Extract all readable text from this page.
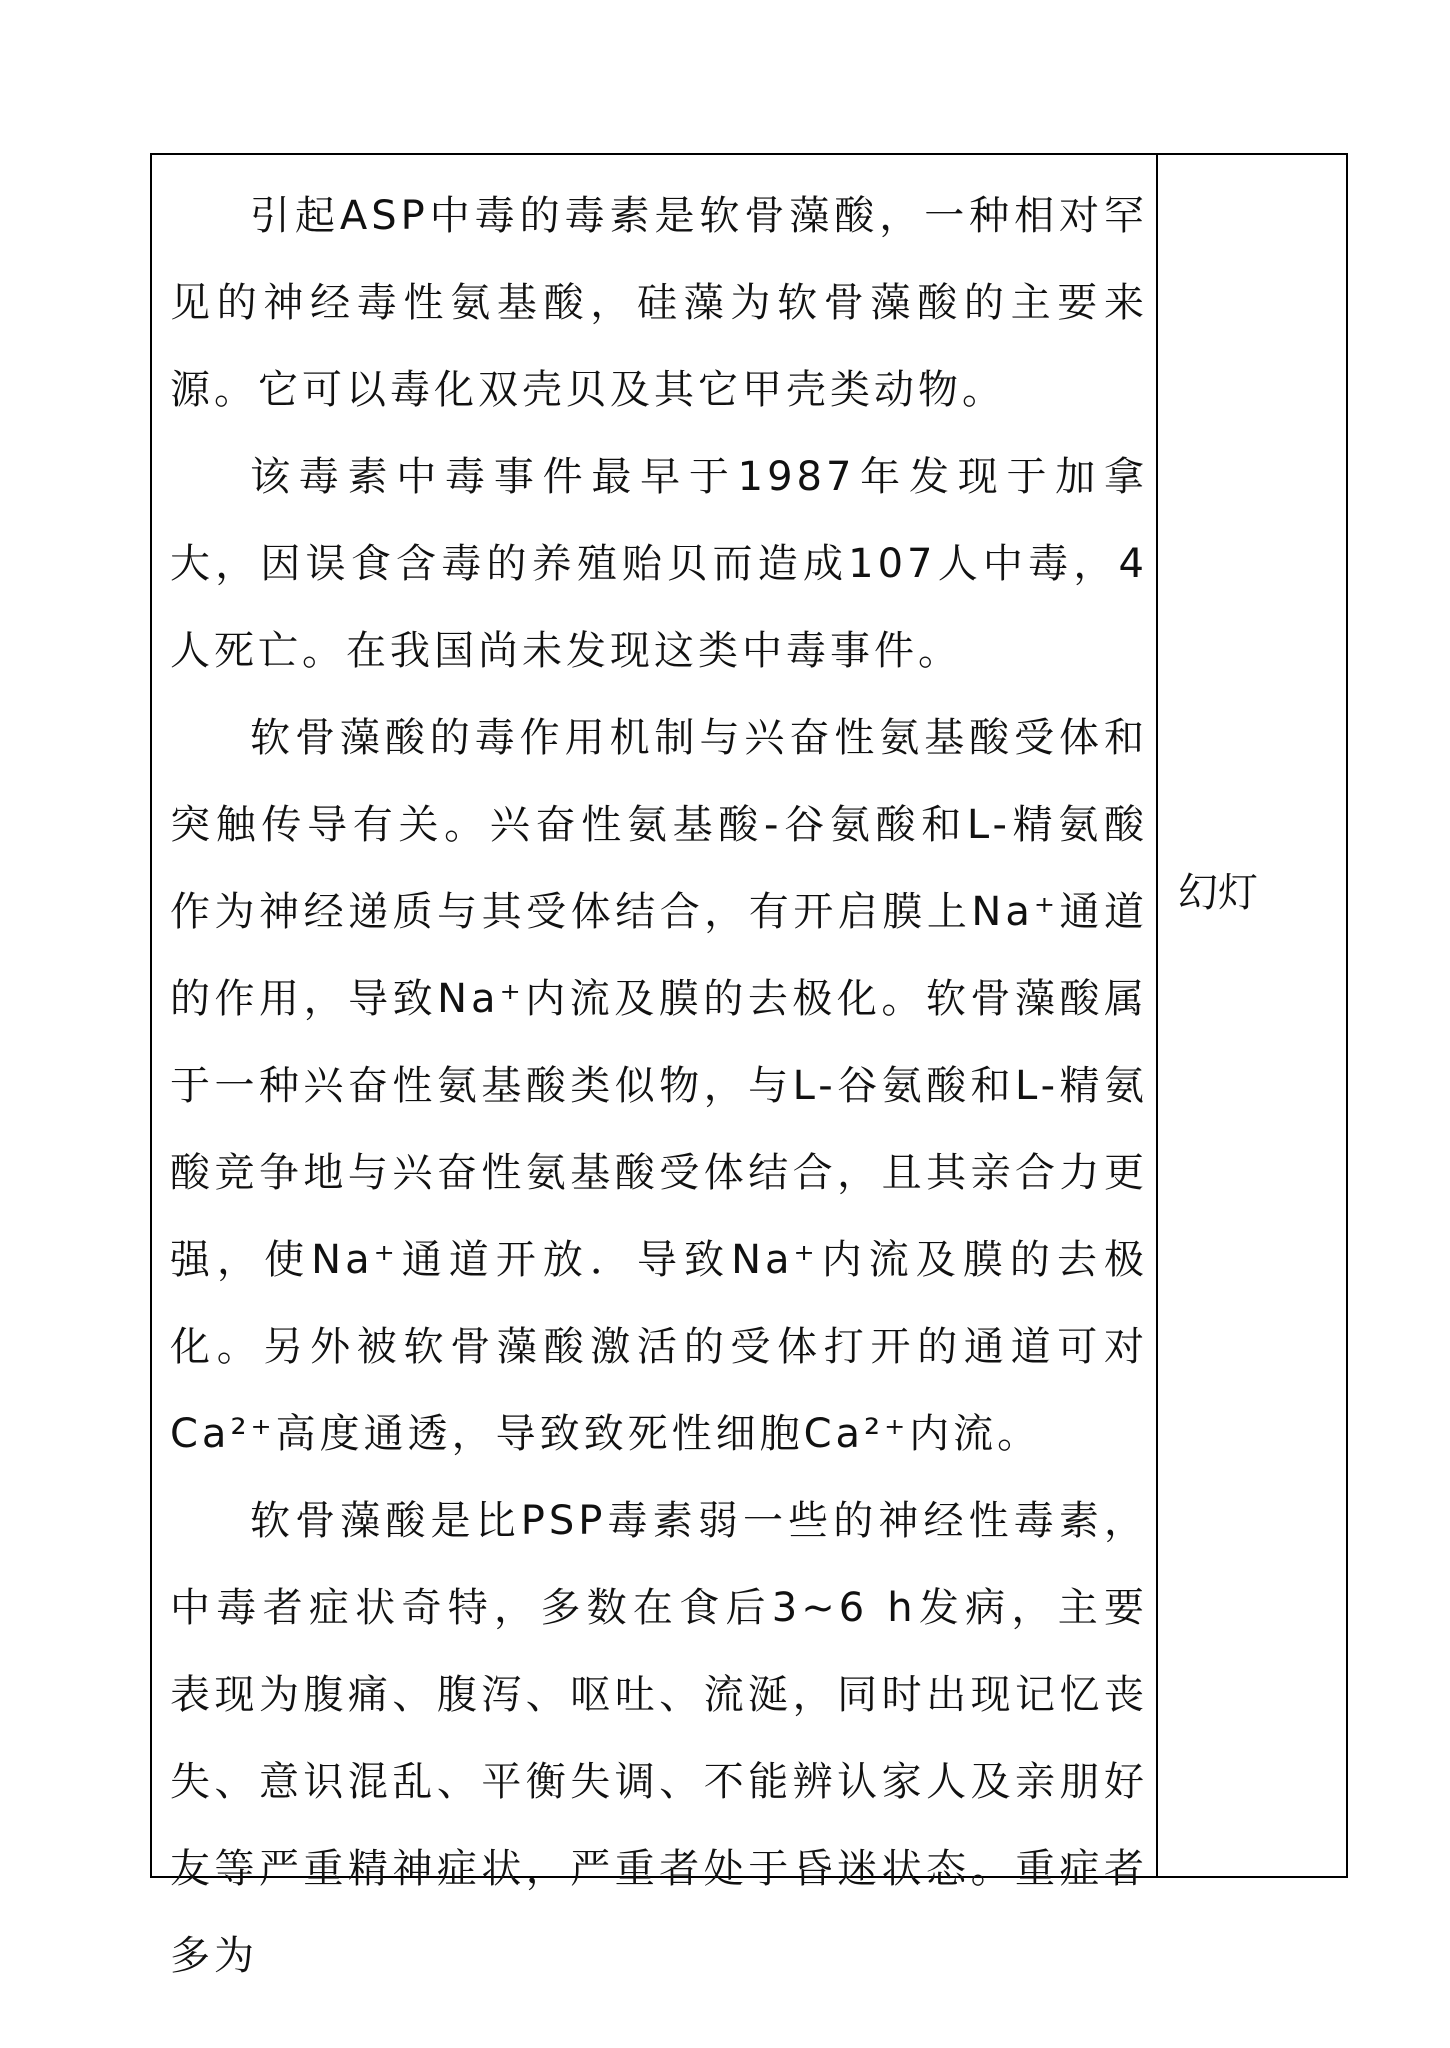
引起ASP中毒的毒素是软骨藻酸，一种相对罕见的神经毒性氨基酸，硅藻为软骨藻酸的主要来源。它可以毒化双壳贝及其它甲壳类动物。

该毒素中毒事件最早于1987年发现于加拿大，因误食含毒的养殖贻贝而造成107人中毒，4人死亡。在我国尚未发现这类中毒事件。

软骨藻酸的毒作用机制与兴奋性氨基酸受体和突触传导有关。兴奋性氨基酸-谷氨酸和L-精氨酸作为神经递质与其受体结合，有开启膜上Na⁺通道的作用，导致Na⁺内流及膜的去极化。软骨藻酸属于一种兴奋性氨基酸类似物，与L-谷氨酸和L-精氨酸竞争地与兴奋性氨基酸受体结合，且其亲合力更强，使Na⁺通道开放．导致Na⁺内流及膜的去极化。另外被软骨藻酸激活的受体打开的通道可对Ca²⁺高度通透，导致致死性细胞Ca²⁺内流。

软骨藻酸是比PSP毒素弱一些的神经性毒素，中毒者症状奇特，多数在食后3~6 h发病，主要表现为腹痛、腹泻、呕吐、流涎，同时出现记忆丧失、意识混乱、平衡失调、不能辨认家人及亲朋好友等严重精神症状，严重者处于昏迷状态。重症者多为

幻灯
